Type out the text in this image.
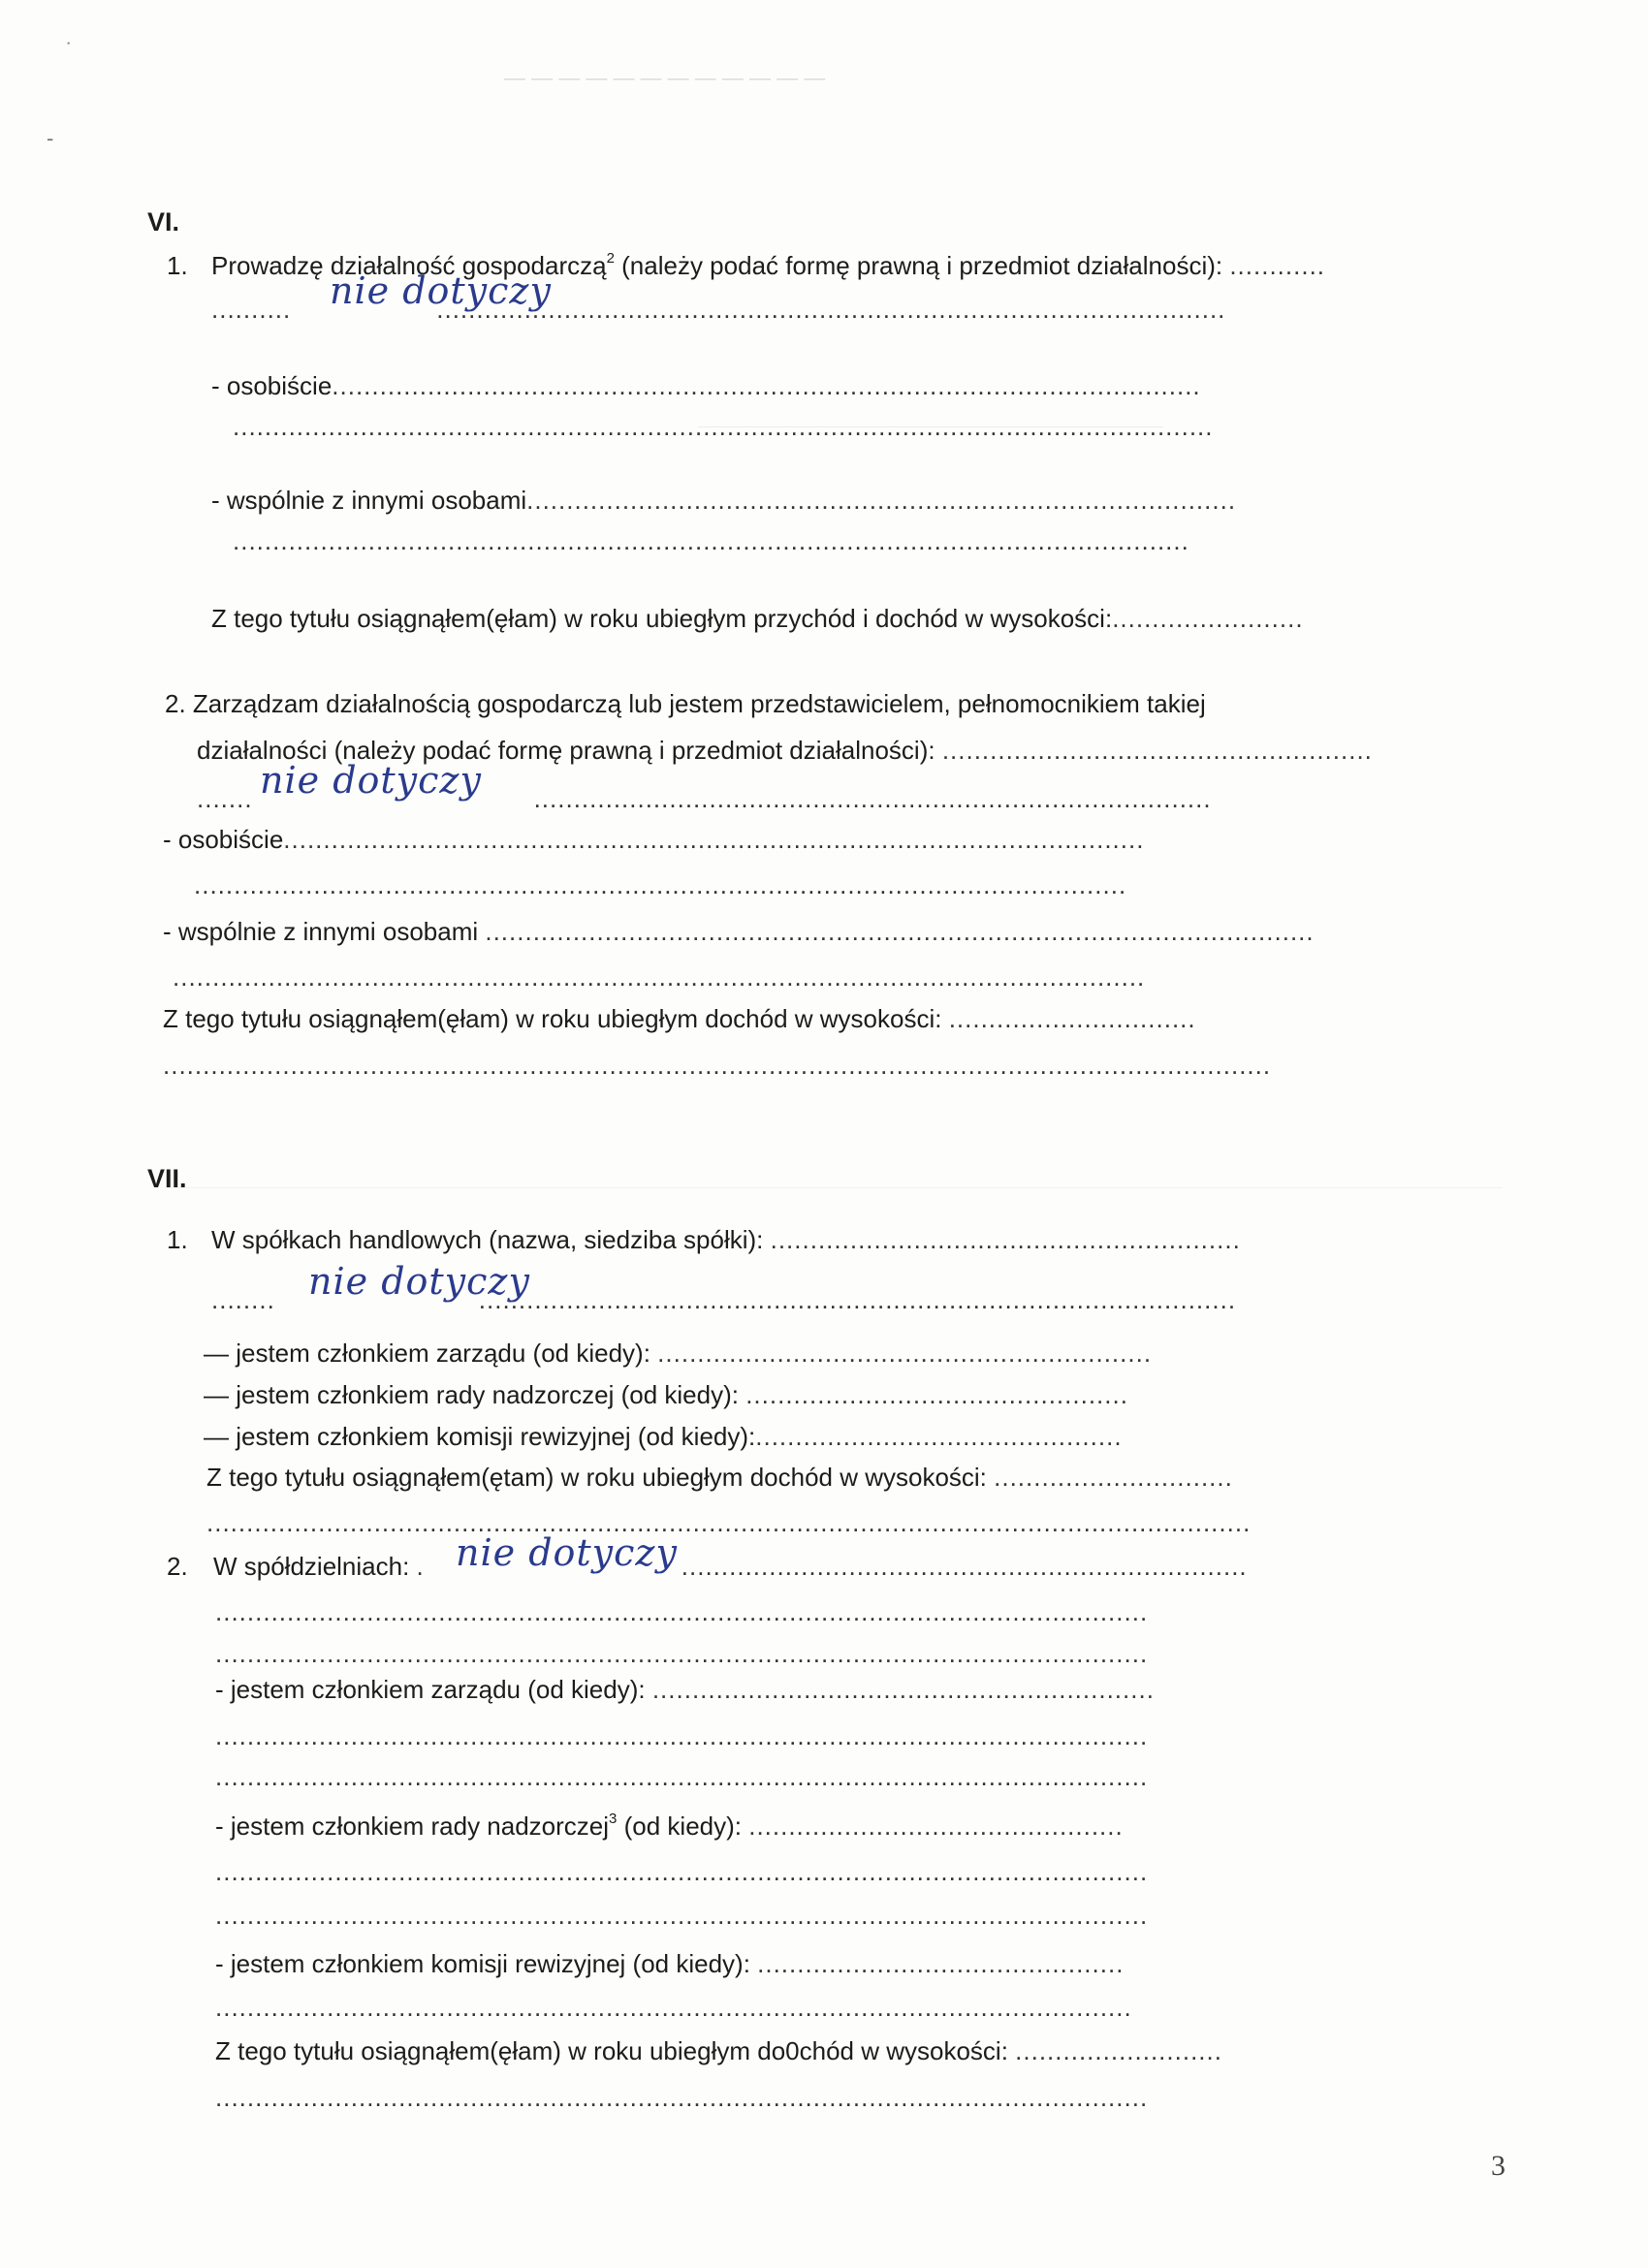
— — — — — — — — — — — —
˙
-
VI.
1. Prowadzę działalność gospodarczą$^2$ (należy podać formę prawną i przedmiot działalności): ............
..........	...................................................................................................
nie dotyczy
- osobiście.............................................................................................................
...........................................................................................................................
- wspólnie z innymi osobami.........................................................................................
........................................................................................................................
Z tego tytułu osiągnąłem(ęłam) w roku ubiegłym przychód i dochód w wysokości:........................
2. Zarządzam działalnością gospodarczą lub jestem przedstawicielem, pełnomocnikiem takiej
działalności (należy podać formę prawną i przedmiot działalności): ......................................................
.......	.....................................................................................
nie dotyczy
- osobiście............................................................................................................
.....................................................................................................................
- wspólnie z innymi osobami ........................................................................................................
..........................................................................................................................
Z tego tytułu osiągnąłem(ęłam) w roku ubiegłym dochód w wysokości: ...............................
...........................................................................................................................................
VII.
1. W spółkach handlowych (nazwa, siedziba spółki): ...........................................................
........	...............................................................................................
nie dotyczy
— jestem członkiem zarządu (od kiedy): ..............................................................
— jestem członkiem rady nadzorczej (od kiedy): ................................................
— jestem członkiem komisji rewizyjnej (od kiedy):..............................................
Z tego tytułu osiągnąłem(ętam) w roku ubiegłym dochód w wysokości: ..............................
...................................................................................................................................
2. W spółdzielniach: .	.......................................................................
nie dotyczy
.....................................................................................................................
.....................................................................................................................
- jestem członkiem zarządu (od kiedy): ...............................................................
.....................................................................................................................
.....................................................................................................................
- jestem członkiem rady nadzorczej$^3$ (od kiedy): ...............................................
.....................................................................................................................
.....................................................................................................................
- jestem członkiem komisji rewizyjnej (od kiedy): ..............................................
...................................................................................................................
Z tego tytułu osiągnąłem(ęłam) w roku ubiegłym do0chód w wysokości: ..........................
.....................................................................................................................
3
